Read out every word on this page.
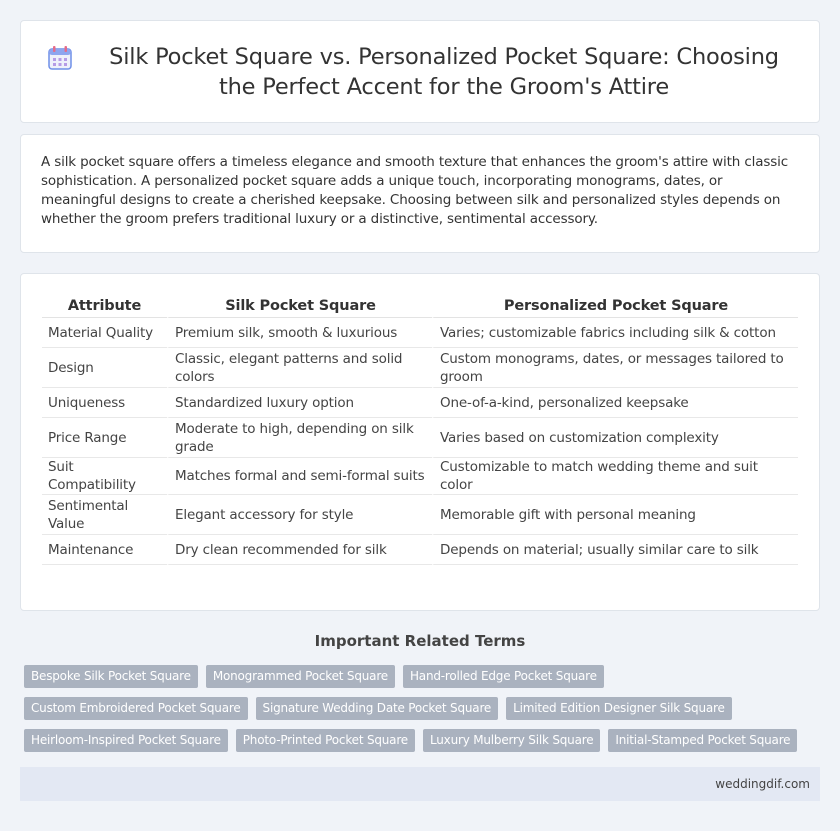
Silk Pocket Square vs. Personalized Pocket Square: Choosing the Perfect Accent for the Groom's Attire

A silk pocket square offers a timeless elegance and smooth texture that enhances the groom's attire with classic sophistication. A personalized pocket square adds a unique touch, incorporating monograms, dates, or meaningful designs to create a cherished keepsake. Choosing between silk and personalized styles depends on whether the groom prefers traditional luxury or a distinctive, sentimental accessory.

Attribute	Silk Pocket Square	Personalized Pocket Square
Material Quality	Premium silk, smooth & luxurious	Varies; customizable fabrics including silk & cotton
Design	Classic, elegant patterns and solid colors	Custom monograms, dates, or messages tailored to groom
Uniqueness	Standardized luxury option	One-of-a-kind, personalized keepsake
Price Range	Moderate to high, depending on silk grade	Varies based on customization complexity
Suit Compatibility	Matches formal and semi-formal suits	Customizable to match wedding theme and suit color
Sentimental Value	Elegant accessory for style	Memorable gift with personal meaning
Maintenance	Dry clean recommended for silk	Depends on material; usually similar care to silk
Important Related Terms
Bespoke Silk Pocket Square	Monogrammed Pocket Square	Hand-rolled Edge Pocket Square
Custom Embroidered Pocket Square	Signature Wedding Date Pocket Square	Limited Edition Designer Silk Square
Heirloom-Inspired Pocket Square	Photo-Printed Pocket Square	Luxury Mulberry Silk Square	Initial-Stamped Pocket Square
weddingdif.com
